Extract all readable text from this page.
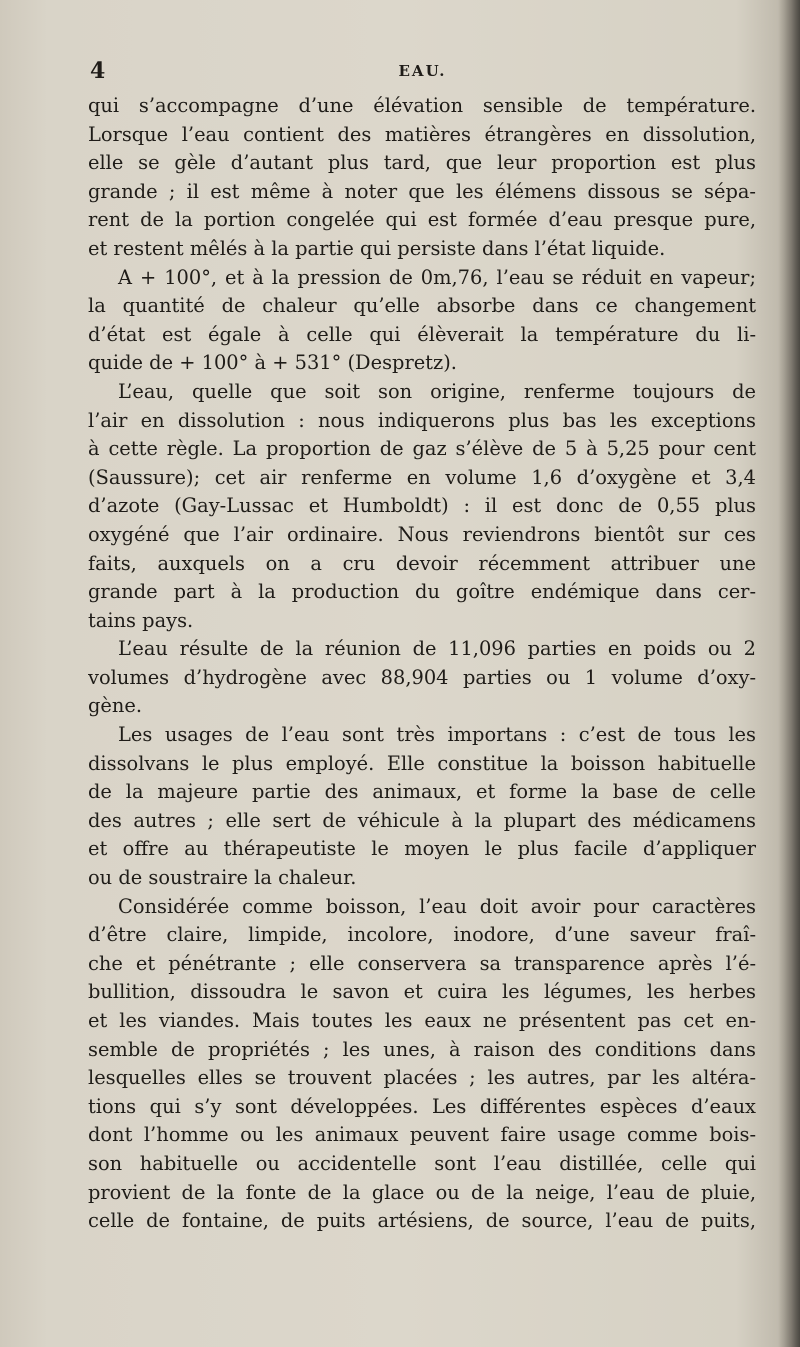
4	EAU.
qui s’accompagne d’une élévation sensible de température.
Lorsque l’eau contient des matières étrangères en dissolution,
elle se gèle d’autant plus tard, que leur proportion est plus
grande ; il est même à noter que les élémens dissous se sépa-
rent de la portion congelée qui est formée d’eau presque pure,
et restent mêlés à la partie qui persiste dans l’état liquide.
A + 100°, et à la pression de 0m,76, l’eau se réduit en vapeur;
la quantité de chaleur qu’elle absorbe dans ce changement
d’état est égale à celle qui élèverait la température du li-
quide de + 100° à + 531° (Despretz).
L’eau, quelle que soit son origine, renferme toujours de
l’air en dissolution : nous indiquerons plus bas les exceptions
à cette règle. La proportion de gaz s’élève de 5 à 5,25 pour cent
(Saussure); cet air renferme en volume 1,6 d’oxygène et 3,4
d’azote (Gay-Lussac et Humboldt) : il est donc de 0,55 plus
oxygéné que l’air ordinaire. Nous reviendrons bientôt sur ces
faits, auxquels on a cru devoir récemment attribuer une
grande part à la production du goître endémique dans cer-
tains pays.
L’eau résulte de la réunion de 11,096 parties en poids ou 2
volumes d’hydrogène avec 88,904 parties ou 1 volume d’oxy-
gène.
Les usages de l’eau sont très importans : c’est de tous les
dissolvans le plus employé. Elle constitue la boisson habituelle
de la majeure partie des animaux, et forme la base de celle
des autres ; elle sert de véhicule à la plupart des médicamens
et offre au thérapeutiste le moyen le plus facile d’appliquer
ou de soustraire la chaleur.
Considérée comme boisson, l’eau doit avoir pour caractères
d’être claire, limpide, incolore, inodore, d’une saveur fraî-
che et pénétrante ; elle conservera sa transparence après l’é-
bullition, dissoudra le savon et cuira les légumes, les herbes
et les viandes. Mais toutes les eaux ne présentent pas cet en-
semble de propriétés ; les unes, à raison des conditions dans
lesquelles elles se trouvent placées ; les autres, par les altéra-
tions qui s’y sont développées. Les différentes espèces d’eaux
dont l’homme ou les animaux peuvent faire usage comme bois-
son habituelle ou accidentelle sont l’eau distillée, celle qui
provient de la fonte de la glace ou de la neige, l’eau de pluie,
celle de fontaine, de puits artésiens, de source, l’eau de puits,
